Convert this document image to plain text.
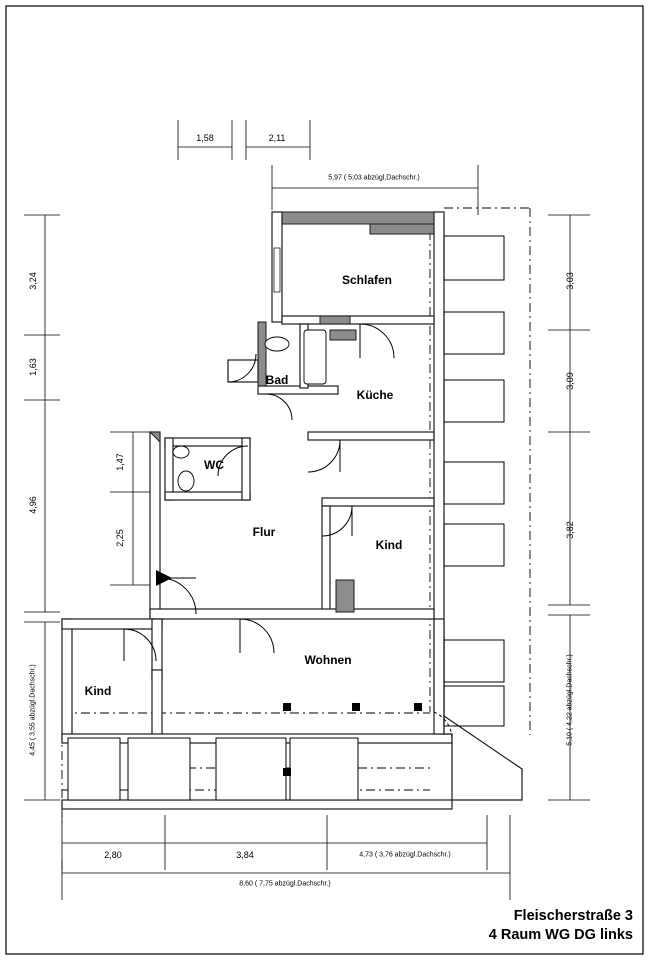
Schlafen
Bad
Küche
WC
Flur
Kind
Wohnen
Kind
1,58	2,11
5,97 ( 5,03 abzügl.Dachschr.)
3,24
1,63
4,96
1,47
2,25
4,45 ( 3,55 abzügl.Dachschr.)
3,03
3,09
3,82
5,10 ( 4,22 abzügl.Dachschr.)
2,80	3,84	4,73 ( 3,76 abzügl.Dachschr.)
8,60 ( 7,75 abzügl.Dachschr.)
Fleischerstraße 3
4 Raum WG DG links
